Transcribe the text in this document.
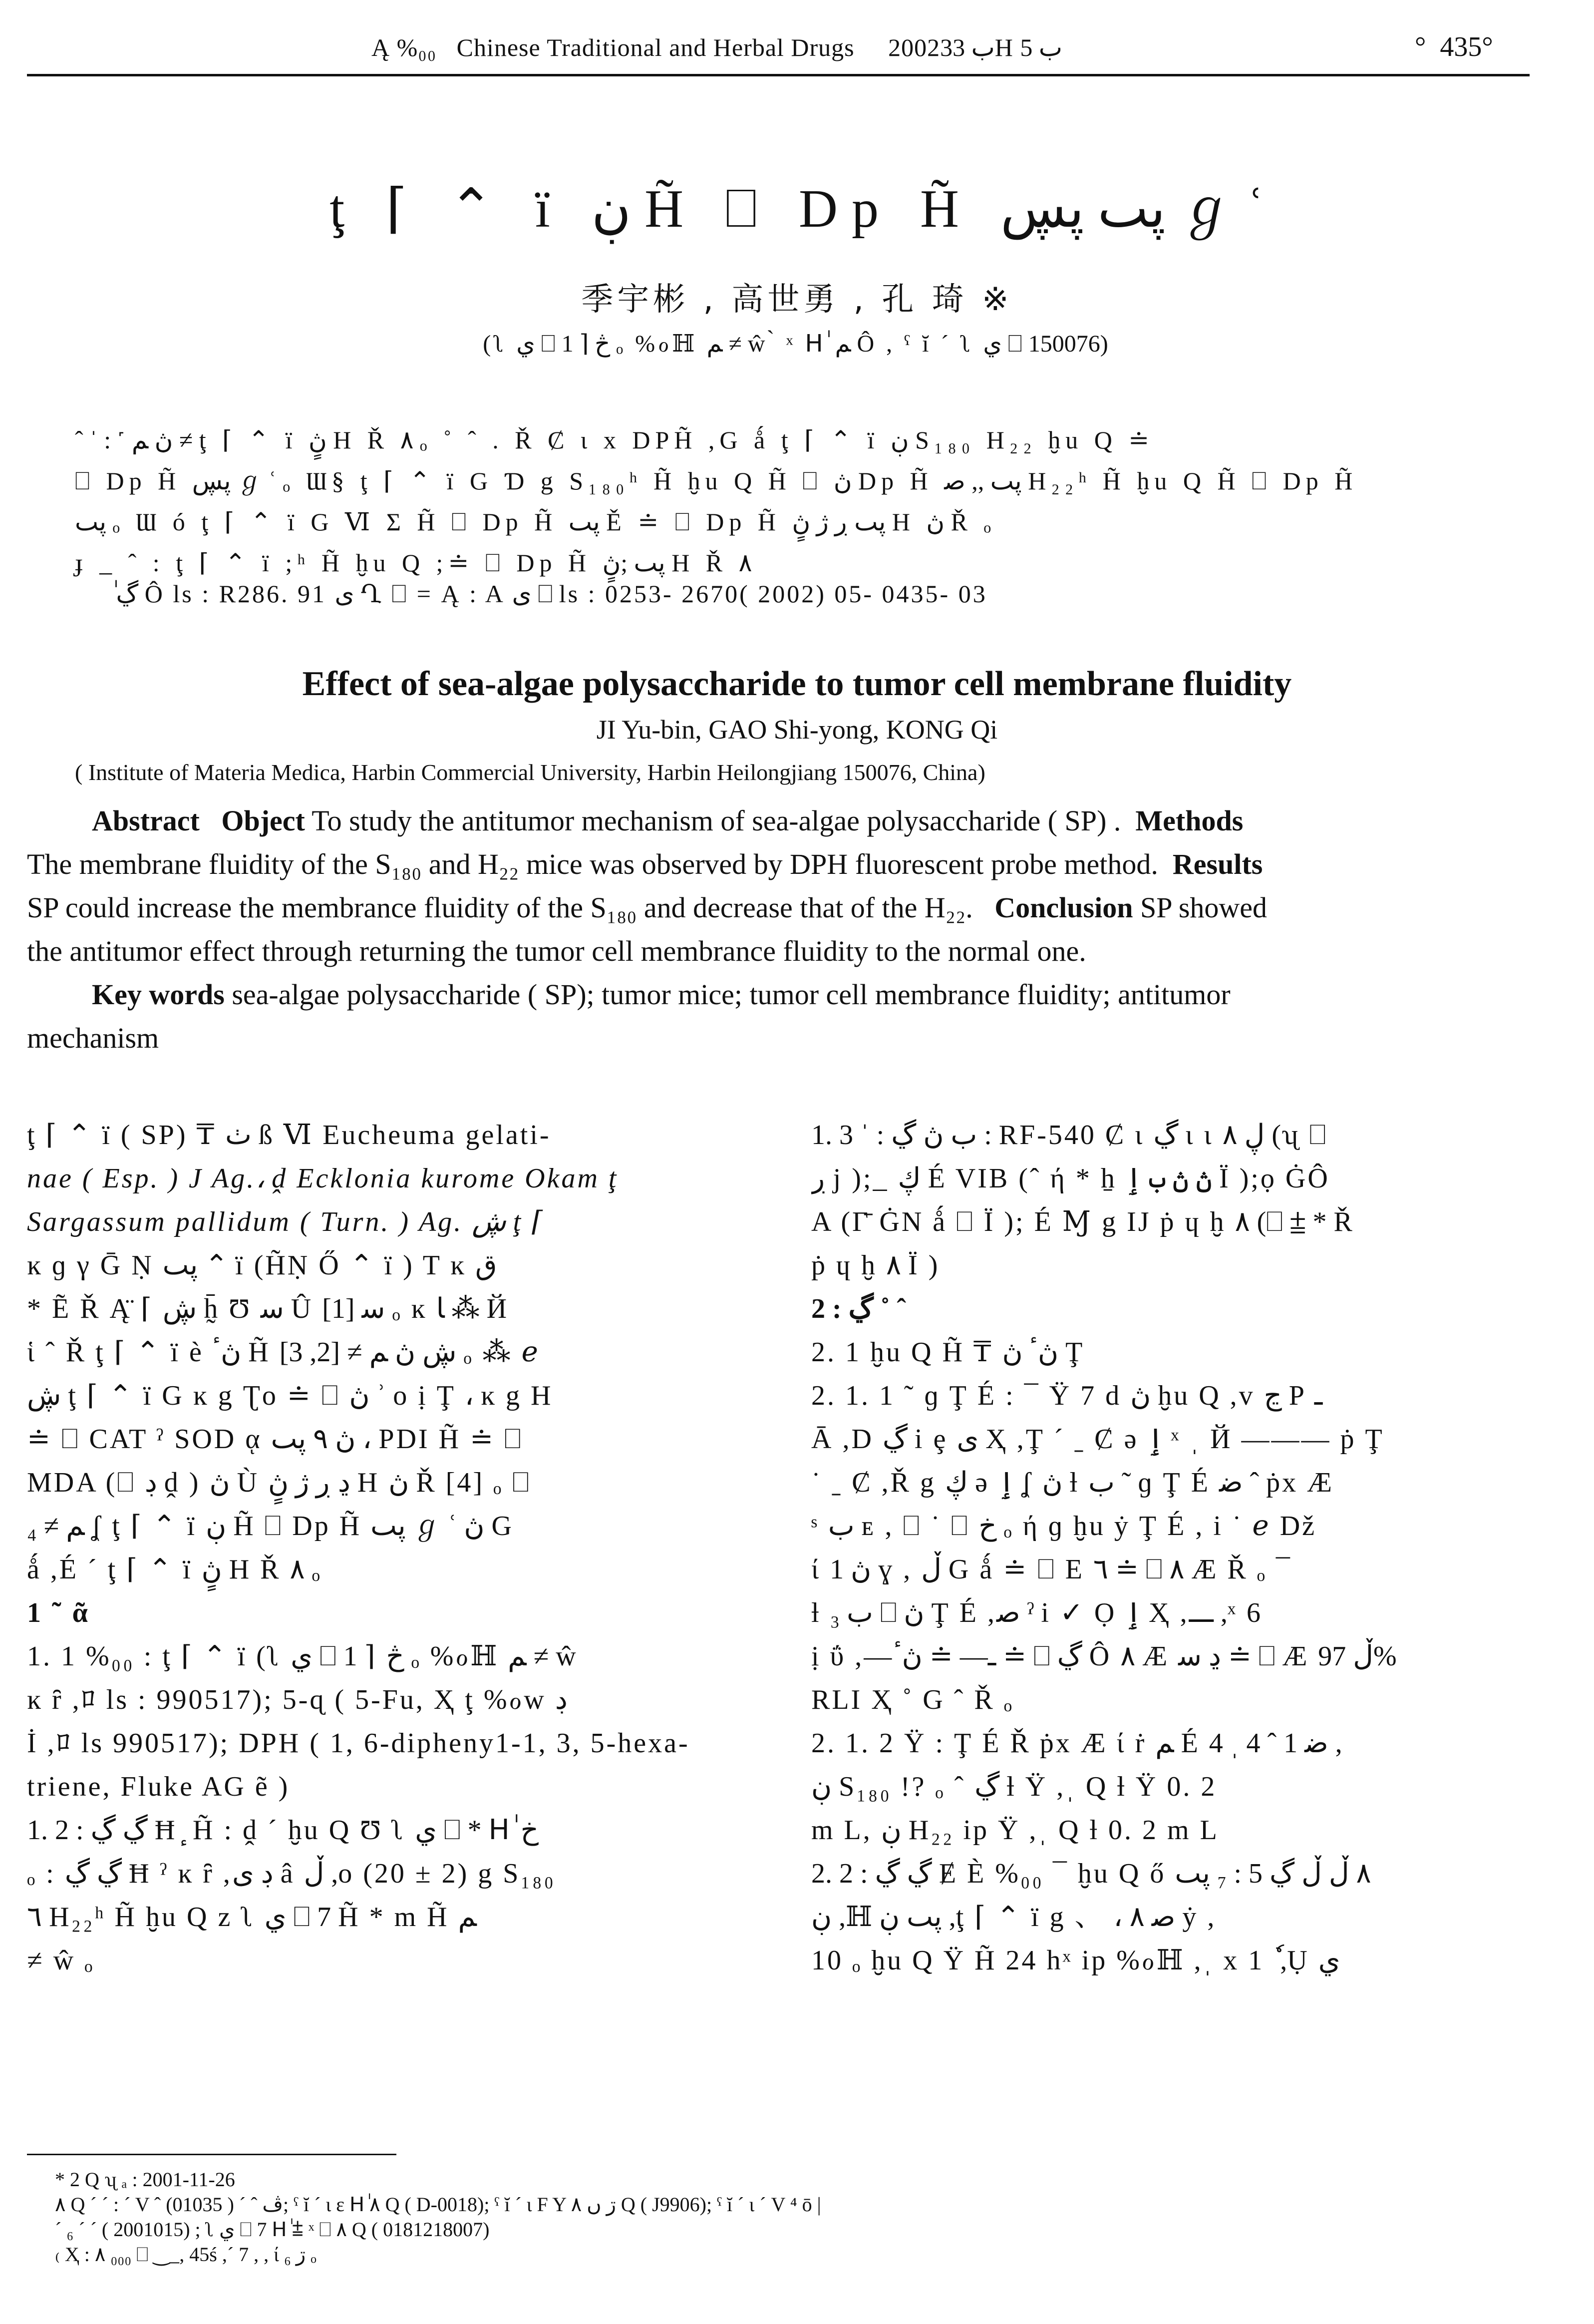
Ą %₀₀ Chinese Traditional and Herbal Drugs 2002ب 33H ب 5	°  435°
ţ ⌈ ⌃ ï ڹ H̃ ⎕ Dp H̃ ڽٮ ڽڛ ℊ ʿ
季宇彬 , 高世勇 , 孔 琦 ※
(ʅ ي ⎕ 1 ⌉ څ ₒ %ℴℍ ﻢ ≠ ŵ ̀ ˣ Hٰ ﻢ Ô , ˁ ĭ ´ ʅ ي ⎕ 150076)
ˆ ˈ : ˹ ڽ ﻢ ≠ ţ ⌈ ⌃ ï ڽٍ H Ř ٨ ₒ ˚ ˆ . Ř Ȼ ι x DPH̃ ,G ǻ ţ ⌈ ⌃ ï ڹ S₁₈₀ H₂₂ ḫu Q ≐
⎕ Dp H̃ ڽڛ ℊ ʿ ₒ Ɯ§ ţ ⌈ ⌃ ï G Ɗ g S₁₈₀ʰ H̃ ḫu Q H̃ ⎕ ڽ Dp H̃ ڽٮ ,, ﺻ H₂₂ʰ H̃ ḫu Q H̃ ⎕ Dp H̃
ڽٮ ₒ Ɯ ó ţ ⌈ ⌃ ï G Ⅵ Σ H̃ ⎕ Dp H̃ ڽٮ Ě ≐ ⎕ Dp H̃ ڽٮ ڔ ژ ڽٍ H ڽ Ř ₒ
ɟ _ ˆ : ţ ⌈ ⌃ ï ;ʰ H̃ ḫu Q ;≐ ⎕ Dp H̃ ڽٮ ;ڽٍ H Ř ٨
ٰ ڲ Ô ls : R286. 91 ى Ղ ⎕ = Ą : A ى ⎕ ls : 0253- 2670( 2002) 05- 0435- 03
Effect of sea-algae polysaccharide to tumor cell membrane fluidity
JI Yu-bin, GAO Shi-yong, KONG Qi
( Institute of Materia Medica, Harbin Commercial University, Harbin Heilongjiang 150076, China)
Abstract Object To study the antitumor mechanism of sea-algae polysaccharide ( SP) . Methods
The membrane fluidity of the S₁₈₀ and H₂₂ mice was observed by DPH fluorescent probe method. Results
SP could increase the membrance fluidity of the S₁₈₀ and decrease that of the H₂₂. Conclusion SP showed
the antitumor effect through returning the tumor cell membrance fluidity to the normal one.
Key words sea-algae polysaccharide ( SP); tumor mice; tumor cell membrance fluidity; antitumor
mechanism
ţ ⌈ ⌃ ï ( SP) ₸ ٺ ß Ⅵ Eucheuma gelati-
nae ( Esp. ) J Ag.، ḓ Ecklonia kurome Okam ţ
Sargassum pallidum ( Turn. ) Ag. ڜ ţ ⌈
ĸ ɡ γ Ḡ Ṇ ڽٮ ⌃ ï (H̃Ṇ Ő ⌃ ï ) T ĸ ق
* Ẽ Ř Ą̈ ⌈ ڜ h̰̄ Ʊ ﺳ Û ﺳ [1] ₒ ĸ ﺎ ⁂ Й
ἱ ˆ Ř ţ ⌈ ⌃ ï è ڽٴ H̃ ڜ ڽ ﻢ ≠ [2, 3] ₒ ⁂ ℯ
ڜ ţ ⌈ ⌃ ï G ĸ g Ʈo ≐ ⎕ ڽ ʾ o ị Ţ ، ĸ g H
≐ ⎕ CAT ˀ SOD ᾳ ڽ ٩ ڽٮ ، PDI H̃ ≐ ⎕
MDA (⎕ ڊ ḓ ) ڽ Ù ڍ ڔ ژ ڽٍ H ڽ Ř [4] ₒ ⎕
ﻢ ≠ ₄ ʆ ţ ⌈ ⌃ ï ڹ H̃ ⎕ Dp H̃ ڽٮ ℊ ʿ ڽ G
ǻ ,É ´ ţ ⌈ ⌃ ï ڽٍ H Ř ٨ ₒ
1 ˜ ᾶ
1. 1 %₀₀ : ţ ⌈ ⌃ ï (ʅ ي ⎕ 1 ⌉ څ ₒ %ℴℍ ﻢ ≠ ŵ
ĸ ȓ ,ﾛ ls : 990517); 5-ɋ ( 5-Fu, Ҳ ţ %ℴw ڊ
İ ,ﾛ ls 990517); DPH ( 1, 6-dipheny1-1, 3, 5-hexa-
triene, Fluke AG ẽ )
1. 2 : ڲ ڲ Ħ ٕ H̃ : ḓ ´ ḫu Q Ʊ ʅ ي ⎕ * Hٰ خ
ₒ : ڲ ڲ Ħ ˀ ĸ ȓ ,ڊ ى â ڵ ,o (20 ± 2) g S₁₈₀
٦ H₂₂ʰ H̃ ḫu Q z ʅ ي ⎕ 7 H̃ * m H̃ ﻢ
≠ ŵ ₒ
1. 3 ˈ : ب ڽ ڲ : RF-540 Ȼ ι ڲ ι ι ڸ ٨ (ʯ ⎕
ڔ j );_ ڮ É VIB (ˆ ή * ẖ ڽ ڽ ب ٳ Ï );ọ ĠÔ
Α (Γ̄ ĠN ǻ ⎕ Ï ); É Ɱ g IJ ṗ ɥ ḫ ٨ (⎕ ⩲ * Ř
ṗ ɥ ḫ ٨ Ï )
2 : ڲ ˚ ˆ
2. 1 ḫu Q H̃ ₸ ڽٴ ڽ Ţ
2. 1. 1 ˜ ɡ Ţ É : ¯ Ÿ 7 d ڽ ḫu Q ,v ڃ P ـ
Ā ,D ڲ i ȩ ى Ҳ ,Ţ ´ ˍ Ȼ ə ٳ ˣ ˌ Й ——— ṗ Ţ
˙ ˍ Ȼ ,Ř g ڮ ə ٳ ʆ ڽ ƚ ب ˜ ɡ Ţ É ﺿ ˆ ṗx Æ
ˢ ب ᴇ , ⎕ ˙ ⎕ خ ₒ ή ɡ ḫu ẏ Ţ É , i ˙ ℯ Dž
ί ڽ 1 ɣ , ڵ G ǻ ≐ ⎕ E ٦ ≐ ⎕ ٨ Æ Ř ₒ ¯
ƚ ب ₃ ⎕ ڽ Ţ É ,ﺻ ˀ i ✓ Ọ ٳ Ҳ ,ـــ ,ˣ 6
ị ΰ ,—ـ— ≐ ڽٴ ≐ ⎕ ڲ Ô ٨ Æ ڍ ﺳ ≐ ⎕ Æ ڵ 97%
RLI Ҳ ˚ G ˆ Ř ₒ
2. 1. 2 Ÿ : Ţ É Ř ṗx Æ ί ṙ ﻢ É ﺿ 1 ˆ 4 ˌ 4 ,
ڹ S₁₈₀ !? ₒ ˆ ڲ ƚ Ÿ ,ˌ Q ƚ Ÿ 0. 2
m L, ڹ H₂₂ ip Ÿ ,ˌ Q ƚ 0. 2 m L
2. 2 : ڲ ڲ Ɇ È %₀₀ ¯ ḫu Q ő ٨ ڵ ڵ ڲ 5 : ₇ ڽٮ
ڹ ,ℍ ڽٮ ڹ ,ţ ⌈ ⌃ ï g 、 ، ﺻ ٨ ẏ ,
10 ₒ ḫu Q Ÿ H̃ 24 hˣ ip %ℴℍ ,ˌ x 1 ٗ ,Ụ ي
* 2 Q ʯ ₐ : 2001-11-26
٨ Q ´ ´ : ´ V ˆ ڤ ˆ ´ ( 01035); ˁ ĭ ´ ι ɛ Hٰ ٨ Q ( D-0018); ˁ ĭ ´ ι F Y ڗ ں ٨ Q ( J9906); ˁ ĭ ´ ι ´ V ⁴ ō |
´ ₆ ´ ´ ( 2001015) ; ʅ ي ⎕ 7 Hٰ ⩲ ˣ ⎕ ٨ Q ( 0181218007)
₍ Ҳ : ٨ ₀₀₀ ⎕ ‿ ̲ , 45ś ,´ 7 , , ί ڗ ₆ ₒ
